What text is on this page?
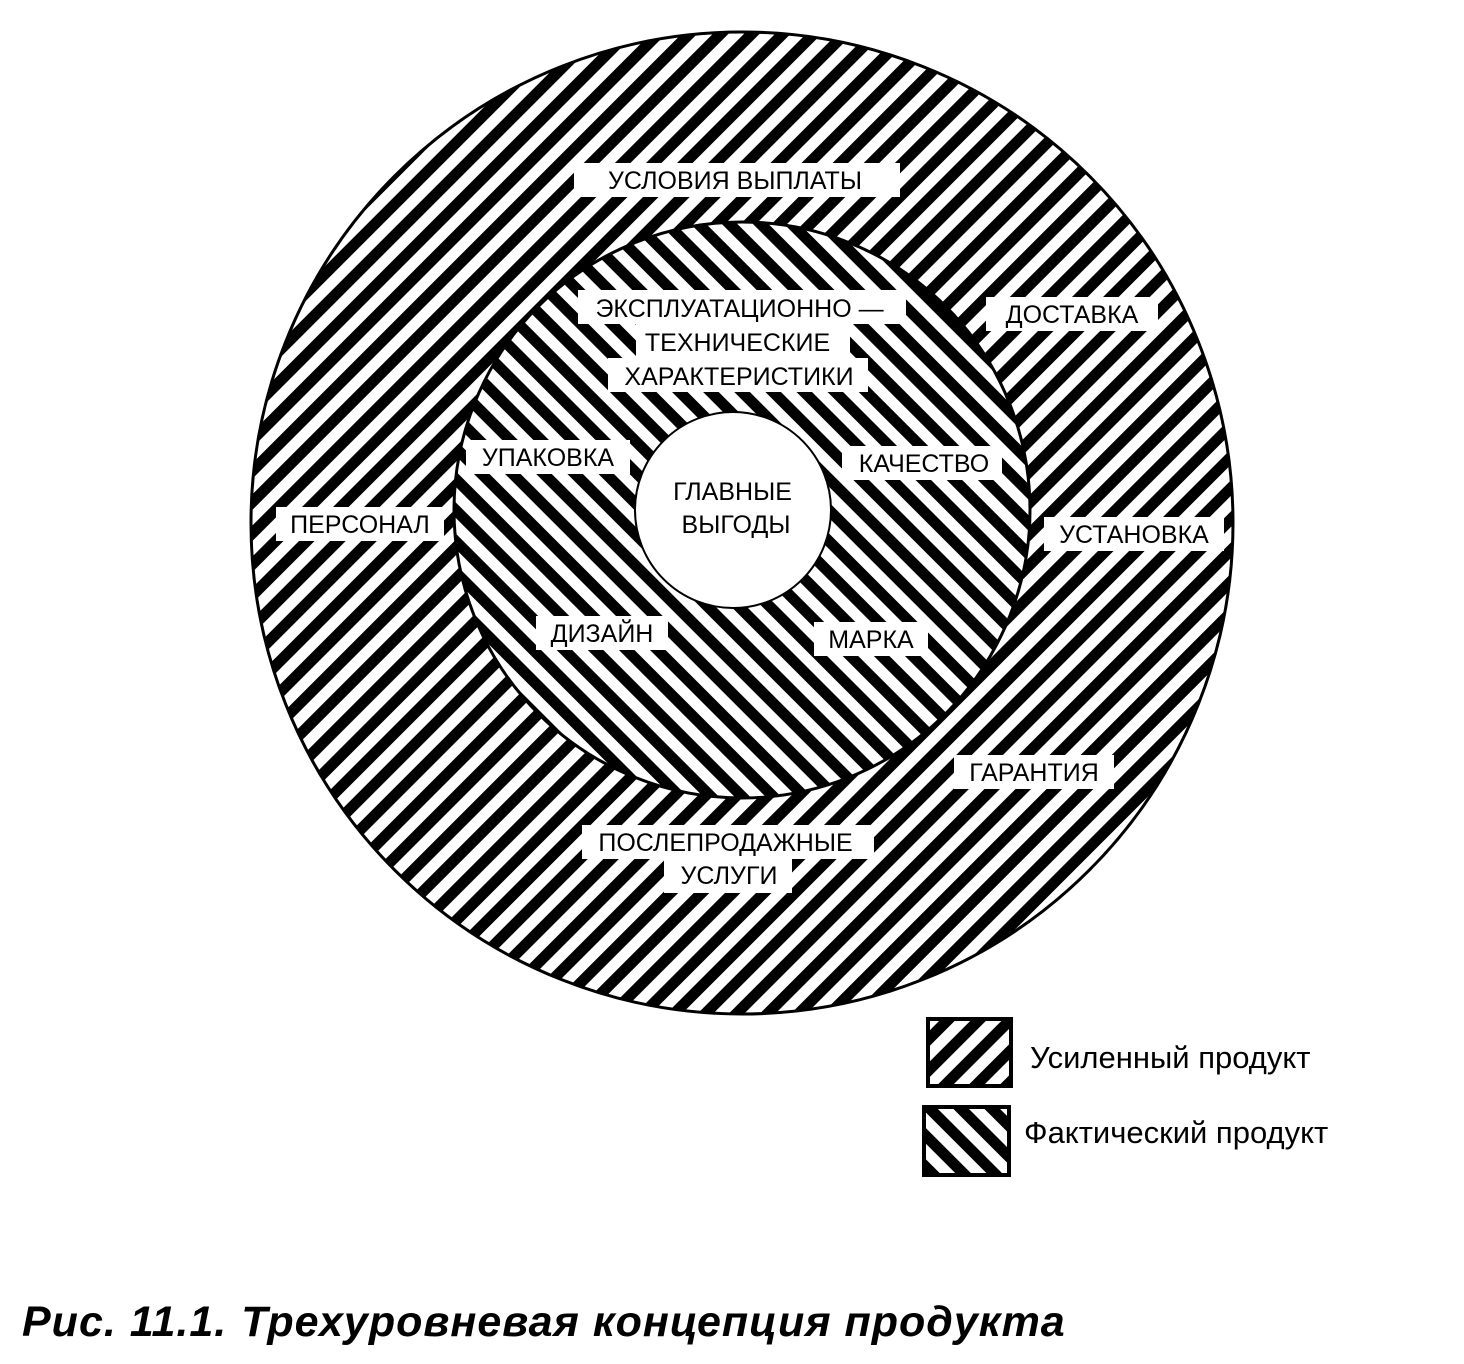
ГЛАВНЫЕ ВЫГОДЫ
ЭКСПЛУАТАЦИОННО — ТЕХНИЧЕСКИЕ ХАРАКТЕРИСТИКИ
УПАКОВКА	КАЧЕСТВО
ДИЗАЙН	МАРКА
УСЛОВИЯ ВЫПЛАТЫ
ДОСТАВКА
ПЕРСОНАЛ	УСТАНОВКА
ГАРАНТИЯ
ПОСЛЕПРОДАЖНЫЕ УСЛУГИ
Усиленный продукт
Фактический продукт
Рис. 11.1. Трехуровневая концепция продукта
